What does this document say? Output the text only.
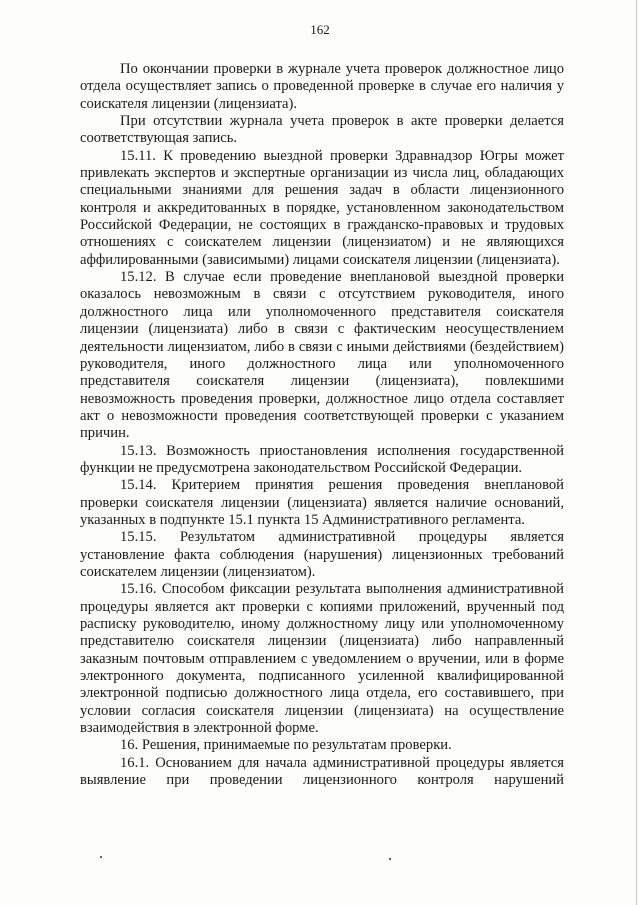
162

По окончании проверки в журнале учета проверок должностное лицо отдела осуществляет запись о проведенной проверке в случае его наличия у соискателя лицензии (лицензиата).

При отсутствии журнала учета проверок в акте проверки делается соответствующая запись.

15.11. К проведению выездной проверки Здравнадзор Югры может привлекать экспертов и экспертные организации из числа лиц, обладающих специальными знаниями для решения задач в области лицензионного контроля и аккредитованных в порядке, установленном законодательством Российской Федерации, не состоящих в гражданско-правовых и трудовых отношениях с соискателем лицензии (лицензиатом) и не являющихся аффилированными (зависимыми) лицами соискателя лицензии (лицензиата).

15.12. В случае если проведение внеплановой выездной проверки оказалось невозможным в связи с отсутствием руководителя, иного должностного лица или уполномоченного представителя соискателя лицензии (лицензиата) либо в связи с фактическим неосуществлением деятельности лицензиатом, либо в связи с иными действиями (бездействием) руководителя, иного должностного лица или уполномоченного представителя соискателя лицензии (лицензиата), повлекшими невозможность проведения проверки, должностное лицо отдела составляет акт о невозможности проведения соответствующей проверки с указанием причин.

15.13. Возможность приостановления исполнения государственной функции не предусмотрена законодательством Российской Федерации.

15.14. Критерием принятия решения проведения внеплановой проверки соискателя лицензии (лицензиата) является наличие оснований, указанных в подпункте 15.1 пункта 15 Административного регламента.

15.15. Результатом административной процедуры является установление факта соблюдения (нарушения) лицензионных требований соискателем лицензии (лицензиатом).

15.16. Способом фиксации результата выполнения административной процедуры является акт проверки с копиями приложений, врученный под расписку руководителю, иному должностному лицу или уполномоченному представителю соискателя лицензии (лицензиата) либо направленный заказным почтовым отправлением с уведомлением о вручении, или в форме электронного документа, подписанного усиленной квалифицированной электронной подписью должностного лица отдела, его составившего, при условии согласия соискателя лицензии (лицензиата) на осуществление взаимодействия в электронной форме.

16. Решения, принимаемые по результатам проверки.

16.1. Основанием для начала административной процедуры является выявление при проведении лицензионного контроля нарушений
